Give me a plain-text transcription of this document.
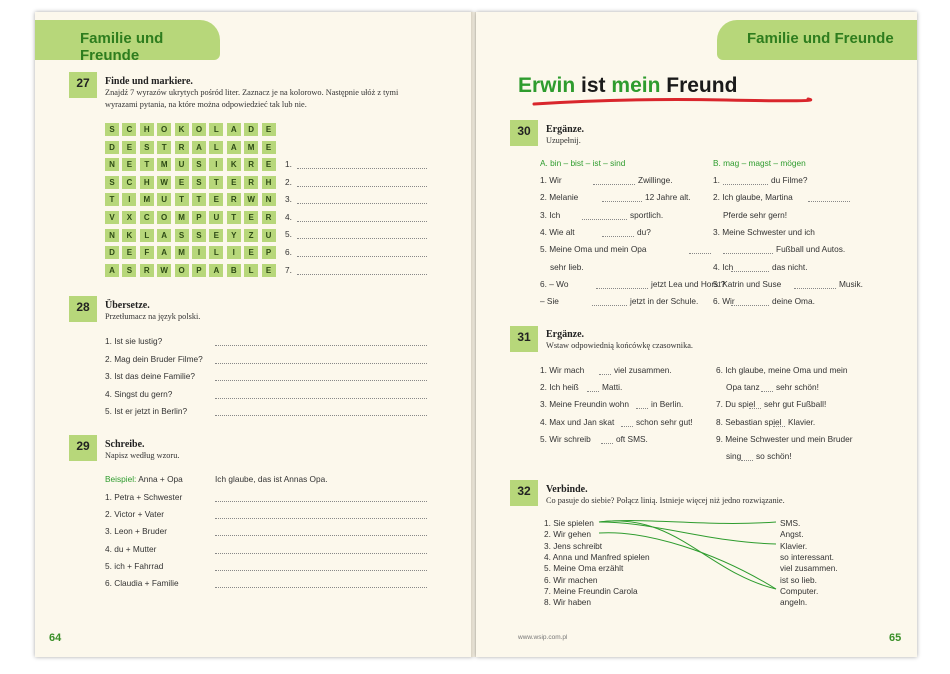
Familie und Freunde
27	Finde und markiere.
Znajdź 7 wyrazów ukrytych pośród liter. Zaznacz je na kolorowo. Następnie ułóż z tymi
wyrazami pytania, na które można odpowiedzieć tak lub nie.
S	C	H	O	K	O	L	A	D	E
D	E	S	T	R	A	L	A	M	E
N	E	T	M	U	S	I	K	R	E
S	C	H	W	E	S	T	E	R	H
T	I	M	U	T	T	E	R	W	N
V	X	C	O	M	P	U	T	E	R
N	K	L	A	S	S	E	Y	Z	U
D	E	F	A	M	I	L	I	E	P
A	S	R	W	O	P	A	B	L	E
1.
2.
3.
4.
5.
6.
7.
28	Übersetze.
Przetłumacz na język polski.
1. Ist sie lustig?
2. Mag dein Bruder Filme?
3. Ist das deine Familie?
4. Singst du gern?
5. Ist er jetzt in Berlin?
29	Schreibe.
Napisz według wzoru.
Beispiel: Anna + Opa	Ich glaube, das ist Annas Opa.
1. Petra + Schwester
2. Victor + Vater
3. Leon + Bruder
4. du + Mutter
5. ich + Fahrrad
6. Claudia + Familie
64
Familie und Freunde
Erwin ist mein Freund
30	Ergänze.
Uzupełnij.
A. bin – bist – ist – sind	B. mag – magst – mögen
1. Wir	Zwillinge.
2. Melanie	12 Jahre alt.
3. Ich	sportlich.
4. Wie alt	du?
5. Meine Oma und mein Opa
sehr lieb.
6. – Wo	jetzt Lea und Horst?
– Sie	jetzt in der Schule.
1.	du Filme?
2. Ich glaube, Martina
Pferde sehr gern!
3. Meine Schwester und ich
Fußball und Autos.
4. Ich	das nicht.
5. Katrin und Suse	Musik.
6. Wir	deine Oma.
31	Ergänze.
Wstaw odpowiednią końcówkę czasownika.
1. Wir mach	viel zusammen.
2. Ich heiß	Matti.
3. Meine Freundin wohn	in Berlin.
4. Max und Jan skat	schon sehr gut!
5. Wir schreib	oft SMS.
6. Ich glaube, meine Oma und mein
Opa tanz sehr schön!
7. Du spiel sehr gut Fußball!
8. Sebastian spiel Klavier.
9. Meine Schwester und mein Bruder
sing so schön!
32	Verbinde.
Co pasuje do siebie? Połącz linią. Istnieje więcej niż jedno rozwiązanie.
1. Sie spielen
2. Wir gehen
3. Jens schreibt
4. Anna und Manfred spielen
5. Meine Oma erzählt
6. Wir machen
7. Meine Freundin Carola
8. Wir haben
SMS.
Angst.
Klavier.
so interessant.
viel zusammen.
ist so lieb.
Computer.
angeln.
www.wsip.com.pl	65
